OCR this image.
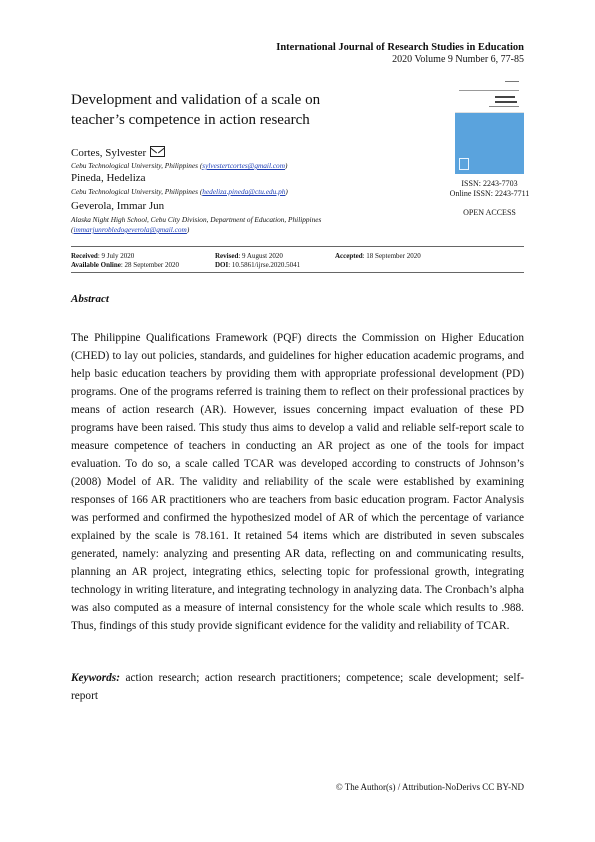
International Journal of Research Studies in Education
2020 Volume 9 Number 6, 77-85
Development and validation of a scale on teacher’s competence in action research
ISSN: 2243-7703
Online ISSN: 2243-7711
OPEN ACCESS
Cortes, Sylvester
Cebu Technological University, Philippines (sylvestertcortes@gmail.com)
Pineda, Hedeliza
Cebu Technological University, Philippines (hedeliza.pineda@ctu.edu.ph)
Geverola, Immar Jun
Alaska Night High School, Cebu City Division, Department of Education, Philippines
(immarjunrobledogeverola@gmail.com)
Received: 9 July 2020	Revised: 9 August 2020	Accepted: 18 September 2020
Available Online: 28 September 2020	DOI: 10.5861/ijrse.2020.5041
Abstract
The Philippine Qualifications Framework (PQF) directs the Commission on Higher Education (CHED) to lay out policies, standards, and guidelines for higher education academic programs, and help basic education teachers by providing them with appropriate professional development (PD) programs. One of the programs referred is training them to reflect on their professional practices by means of action research (AR). However, issues concerning impact evaluation of these PD programs have been raised. This study thus aims to develop a valid and reliable self-report scale to measure competence of teachers in conducting an AR project as one of the tools for impact evaluation. To do so, a scale called TCAR was developed according to constructs of Johnson’s (2008) Model of AR. The validity and reliability of the scale were established by examining responses of 166 AR practitioners who are teachers from basic education program. Factor Analysis was performed and confirmed the hypothesized model of AR of which the percentage of variance explained by the scale is 78.161. It retained 54 items which are distributed in seven subscales generated, namely: analyzing and presenting AR data, reflecting on and communicating results, planning an AR project, integrating ethics, selecting topic for professional growth, integrating technology in writing literature, and integrating technology in analyzing data. The Cronbach’s alpha was also computed as a measure of internal consistency for the whole scale which results to .988. Thus, findings of this study provide significant evidence for the validity and reliability of TCAR.
Keywords: action research; action research practitioners; competence; scale development; self-report
© The Author(s) / Attribution-NoDerivs CC BY-ND
